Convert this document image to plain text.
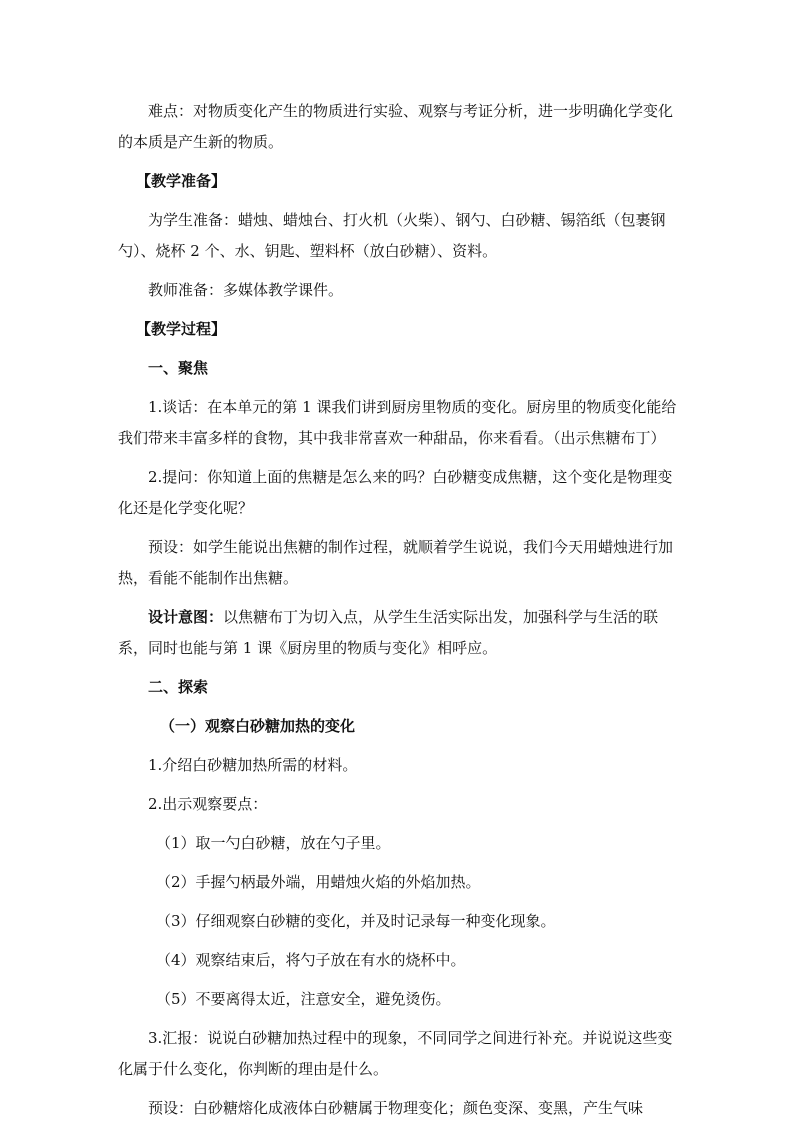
难点：对物质变化产生的物质进行实验、观察与考证分析，进一步明确化学变化的本质是产生新的物质。

【教学准备】

为学生准备：蜡烛、蜡烛台、打火机（火柴）、钢勺、白砂糖、锡箔纸（包裹钢勺）、烧杯 2 个、水、钥匙、塑料杯（放白砂糖）、资料。

教师准备：多媒体教学课件。

【教学过程】

一、聚焦

1.谈话：在本单元的第 1 课我们讲到厨房里物质的变化。厨房里的物质变化能给我们带来丰富多样的食物，其中我非常喜欢一种甜品，你来看看。（出示焦糖布丁）

2.提问：你知道上面的焦糖是怎么来的吗？白砂糖变成焦糖，这个变化是物理变化还是化学变化呢？

预设：如学生能说出焦糖的制作过程，就顺着学生说说，我们今天用蜡烛进行加热，看能不能制作出焦糖。

设计意图：以焦糖布丁为切入点，从学生生活实际出发，加强科学与生活的联系，同时也能与第 1 课《厨房里的物质与变化》相呼应。

二、探索

（一）观察白砂糖加热的变化

1.介绍白砂糖加热所需的材料。

2.出示观察要点：

（1）取一勺白砂糖，放在勺子里。

（2）手握勺柄最外端，用蜡烛火焰的外焰加热。

（3）仔细观察白砂糖的变化，并及时记录每一种变化现象。

（4）观察结束后，将勺子放在有水的烧杯中。

（5）不要离得太近，注意安全，避免烫伤。

3.汇报：说说白砂糖加热过程中的现象，不同同学之间进行补充。并说说这些变化属于什么变化，你判断的理由是什么。

预设：白砂糖熔化成液体白砂糖属于物理变化；颜色变深、变黑，产生气味
